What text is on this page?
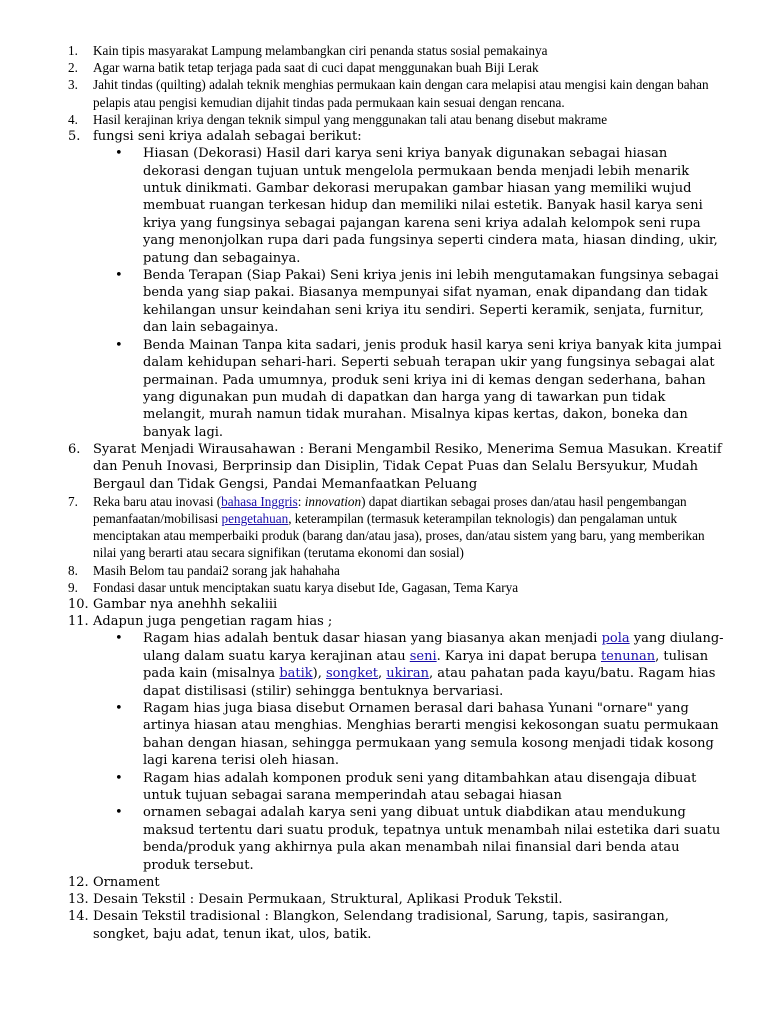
1.	Kain tipis masyarakat Lampung melambangkan ciri penanda status sosial pemakainya
2.	Agar warna batik tetap terjaga pada saat di cuci dapat menggunakan buah Biji Lerak
3.	Jahit tindas (quilting) adalah teknik menghias permukaan kain dengan cara melapisi atau mengisi kain dengan bahan pelapis atau pengisi kemudian dijahit tindas pada permukaan kain sesuai dengan rencana.
4.	Hasil kerajinan kriya dengan teknik simpul yang menggunakan tali atau benang disebut makrame
5. fungsi seni kriya adalah sebagai berikut:
• Hiasan (Dekorasi) Hasil dari karya seni kriya banyak digunakan sebagai hiasan dekorasi dengan tujuan untuk mengelola permukaan benda menjadi lebih menarik untuk dinikmati. Gambar dekorasi merupakan gambar hiasan yang memiliki wujud membuat ruangan terkesan hidup dan memiliki nilai estetik. Banyak hasil karya seni kriya yang fungsinya sebagai pajangan karena seni kriya adalah kelompok seni rupa yang menonjolkan rupa dari pada fungsinya seperti cindera mata, hiasan dinding, ukir, patung dan sebagainya.
• Benda Terapan (Siap Pakai) Seni kriya jenis ini lebih mengutamakan fungsinya sebagai benda yang siap pakai. Biasanya mempunyai sifat nyaman, enak dipandang dan tidak kehilangan unsur keindahan seni kriya itu sendiri. Seperti keramik, senjata, furnitur, dan lain sebagainya.
• Benda Mainan Tanpa kita sadari, jenis produk hasil karya seni kriya banyak kita jumpai dalam kehidupan sehari-hari. Seperti sebuah terapan ukir yang fungsinya sebagai alat permainan. Pada umumnya, produk seni kriya ini di kemas dengan sederhana, bahan yang digunakan pun mudah di dapatkan dan harga yang di tawarkan pun tidak melangit, murah namun tidak murahan. Misalnya kipas kertas, dakon, boneka dan banyak lagi.
6. Syarat Menjadi Wirausahawan : Berani Mengambil Resiko, Menerima Semua Masukan. Kreatif dan Penuh Inovasi, Berprinsip dan Disiplin, Tidak Cepat Puas dan Selalu Bersyukur, Mudah Bergaul dan Tidak Gengsi, Pandai Memanfaatkan Peluang
7.	Reka baru atau inovasi (bahasa Inggris: innovation) dapat diartikan sebagai proses dan/atau hasil pengembangan pemanfaatan/mobilisasi pengetahuan, keterampilan (termasuk keterampilan teknologis) dan pengalaman untuk menciptakan atau memperbaiki produk (barang dan/atau jasa), proses, dan/atau sistem yang baru, yang memberikan nilai yang berarti atau secara signifikan (terutama ekonomi dan sosial)
8.	Masih Belom tau pandai2 sorang jak hahahaha
9.	Fondasi dasar untuk menciptakan suatu karya disebut Ide, Gagasan, Tema Karya
10. Gambar nya anehhh sekaliii
11. Adapun juga pengetian ragam hias ;
• Ragam hias adalah bentuk dasar hiasan yang biasanya akan menjadi pola yang diulang-ulang dalam suatu karya kerajinan atau seni. Karya ini dapat berupa tenunan, tulisan pada kain (misalnya batik), songket, ukiran, atau pahatan pada kayu/batu. Ragam hias dapat distilisasi (stilir) sehingga bentuknya bervariasi.
• Ragam hias juga biasa disebut Ornamen berasal dari bahasa Yunani "ornare" yang artinya hiasan atau menghias. Menghias berarti mengisi kekosongan suatu permukaan bahan dengan hiasan, sehingga permukaan yang semula kosong menjadi tidak kosong lagi karena terisi oleh hiasan.
• Ragam hias adalah komponen produk seni yang ditambahkan atau disengaja dibuat untuk tujuan sebagai sarana memperindah atau sebagai hiasan
• ornamen sebagai adalah karya seni yang dibuat untuk diabdikan atau mendukung maksud tertentu dari suatu produk, tepatnya untuk menambah nilai estetika dari suatu benda/produk yang akhirnya pula akan menambah nilai finansial dari benda atau produk tersebut.
12. Ornament
13. Desain Tekstil : Desain Permukaan, Struktural, Aplikasi Produk Tekstil.
14. Desain Tekstil tradisional : Blangkon, Selendang tradisional, Sarung, tapis, sasirangan, songket, baju adat, tenun ikat, ulos, batik.
